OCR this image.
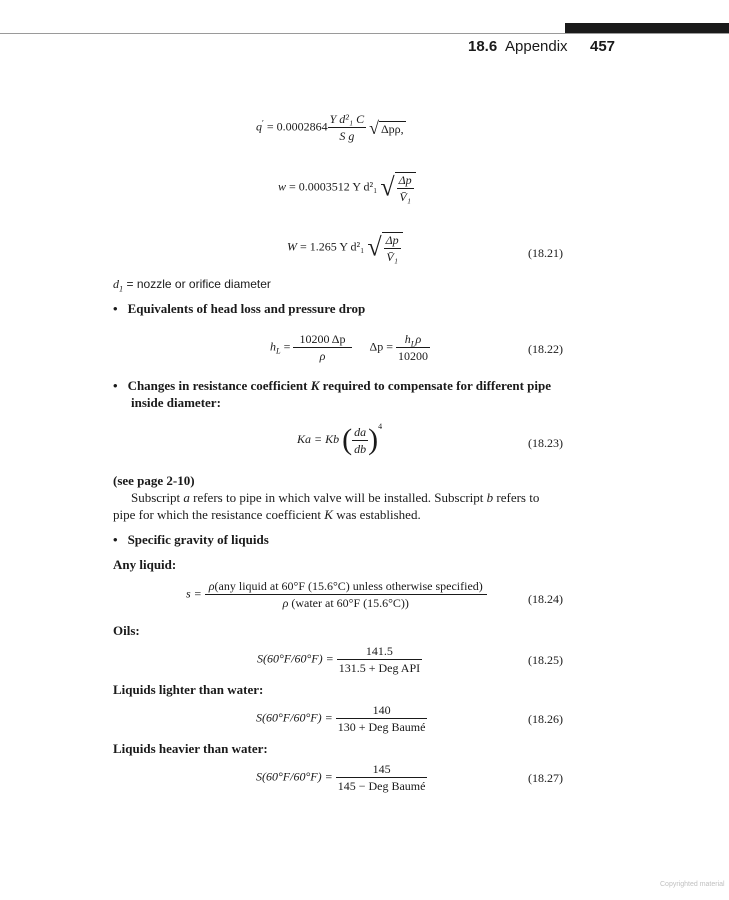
18.6 Appendix 457
$q' = 0.0002864 \frac{\text{Y d²₁ C}}{\text{S g}}$ √ Δpρ,
w = 0.0003512 Y d²₁ √ $\frac{\Delta p}{\text{V̄₁}}$
W = 1.265 Y d²₁ √ $\frac{\Delta p}{\text{V̄₁}}$	(18.21)
$d_1$ = nozzle or orifice diameter
• Equivalents of head loss and pressure drop
$h_L = \frac{10200 \Delta p}{\rho}$ $\Delta p = \frac{h_L\rho}{10200}$	(18.22)
• Changes in resistance coefficient K required to compensate for different pipe
inside diameter:
Ka = Kb ( $\frac{da}{db} )^4$
(18.23)
(see page 2-10)
Subscript a refers to pipe in which valve will be installed. Subscript b refers to
pipe for which the resistance coefficient K was established.
• Specific gravity of liquids
Any liquid:
$s = \frac{\text{ρ(any liquid at 60°F (15.6°C) unless otherwise specified)}}{\text{ρ (water at 60°F (15.6°C))}}$	(18.24)
Oils:
$S(60^\circ F/60^\circ F) = \frac{141.5}{\text{131.5 + Deg API}}$	(18.25)
Liquids lighter than water:
$S(60^\circ F/60^\circ F) = \frac{140}{\text{130 + Deg Baumé}}$	(18.26)
Liquids heavier than water:
$S(60^\circ F/60^\circ F) = \frac{145}{\text{145 − Deg Baumé}}$	(18.27)
Copyrighted material
